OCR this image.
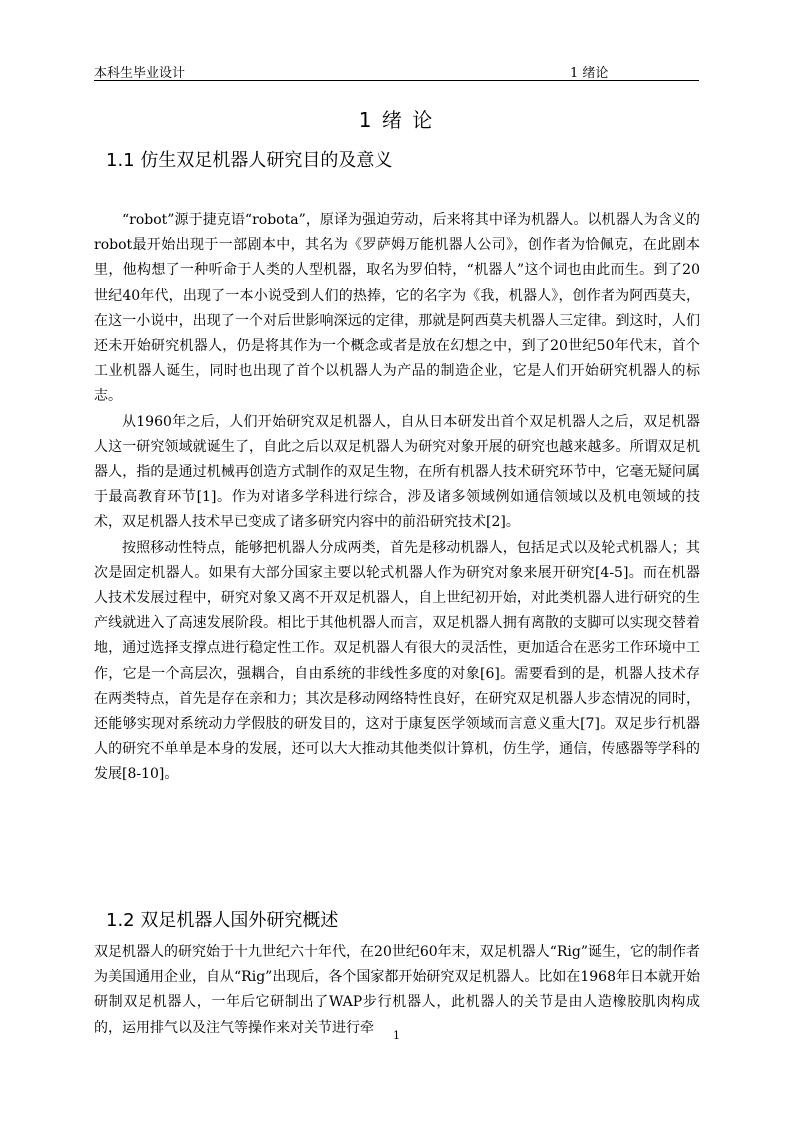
本科生毕业设计	1 绪论
1 绪 论
1.1 仿生双足机器人研究目的及意义

“robot”源于捷克语“robota”，原译为强迫劳动，后来将其中译为机器人。以机器人为含义的robot最开始出现于一部剧本中，其名为《罗萨姆万能机器人公司》，创作者为恰佩克，在此剧本里，他构想了一种听命于人类的人型机器，取名为罗伯特，“机器人”这个词也由此而生。到了20世纪40年代，出现了一本小说受到人们的热捧，它的名字为《我，机器人》，创作者为阿西莫夫，在这一小说中，出现了一个对后世影响深远的定律，那就是阿西莫夫机器人三定律。到这时，人们还未开始研究机器人，仍是将其作为一个概念或者是放在幻想之中，到了20世纪50年代末，首个工业机器人诞生，同时也出现了首个以机器人为产品的制造企业，它是人们开始研究机器人的标志。

从1960年之后，人们开始研究双足机器人，自从日本研发出首个双足机器人之后，双足机器人这一研究领域就诞生了，自此之后以双足机器人为研究对象开展的研究也越来越多。所谓双足机器人，指的是通过机械再创造方式制作的双足生物，在所有机器人技术研究环节中，它毫无疑问属于最高教育环节[1]。作为对诸多学科进行综合，涉及诸多领域例如通信领域以及机电领域的技术，双足机器人技术早已变成了诸多研究内容中的前沿研究技术[2]。

按照移动性特点，能够把机器人分成两类，首先是移动机器人，包括足式以及轮式机器人；其次是固定机器人。如果有大部分国家主要以轮式机器人作为研究对象来展开研究[4-5]。而在机器人技术发展过程中，研究对象又离不开双足机器人，自上世纪初开始，对此类机器人进行研究的生产线就进入了高速发展阶段。相比于其他机器人而言，双足机器人拥有离散的支脚可以实现交替着地，通过选择支撑点进行稳定性工作。双足机器人有很大的灵活性，更加适合在恶劣工作环境中工作，它是一个高层次，强耦合，自由系统的非线性多度的对象[6]。需要看到的是，机器人技术存在两类特点，首先是存在亲和力；其次是移动网络特性良好，在研究双足机器人步态情况的同时，还能够实现对系统动力学假肢的研发目的，这对于康复医学领域而言意义重大[7]。双足步行机器人的研究不单单是本身的发展，还可以大大推动其他类似计算机，仿生学，通信，传感器等学科的发展[8-10]。

1.2 双足机器人国外研究概述

双足机器人的研究始于十九世纪六十年代，在20世纪60年末，双足机器人“Rig”诞生，它的制作者为美国通用企业，自从“Rig”出现后，各个国家都开始研究双足机器人。比如在1968年日本就开始研制双足机器人，一年后它研制出了WAP步行机器人，此机器人的关节是由人造橡胶肌肉构成的，运用排气以及注气等操作来对关节进行牵	1
